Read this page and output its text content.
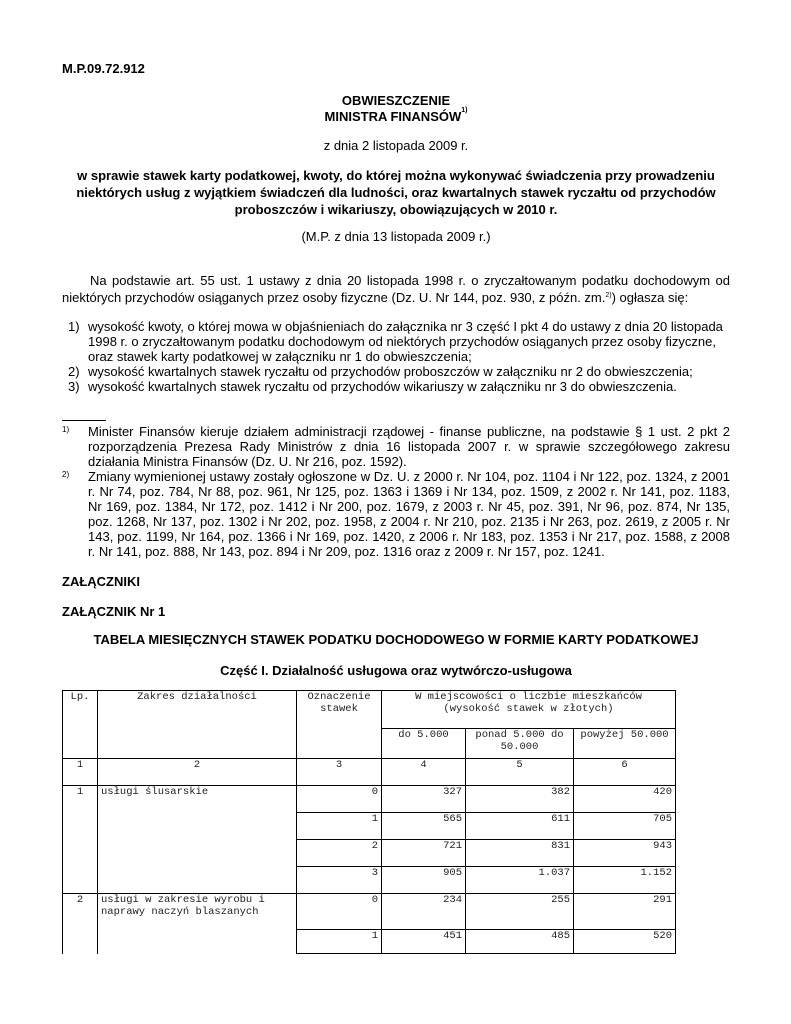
M.P.09.72.912
OBWIESZCZENIE
MINISTRA FINANSÓW$^{1)}$
z dnia 2 listopada 2009 r.
w sprawie stawek karty podatkowej, kwoty, do której można wykonywać świadczenia przy prowadzeniu niektórych usług z wyjątkiem świadczeń dla ludności, oraz kwartalnych stawek ryczałtu od przychodów proboszczów i wikariuszy, obowiązujących w 2010 r.
(M.P. z dnia 13 listopada 2009 r.)
Na podstawie art. 55 ust. 1 ustawy z dnia 20 listopada 1998 r. o zryczałtowanym podatku dochodowym od niektórych przychodów osiąganych przez osoby fizyczne (Dz. U. Nr 144, poz. 930, z późn. zm.$^{2)}$) ogłasza się:
1) wysokość kwoty, o której mowa w objaśnieniach do załącznika nr 3 część I pkt 4 do ustawy z dnia 20 listopada 1998 r. o zryczałtowanym podatku dochodowym od niektórych przychodów osiąganych przez osoby fizyczne, oraz stawek karty podatkowej w załączniku nr 1 do obwieszczenia;
2) wysokość kwartalnych stawek ryczałtu od przychodów proboszczów w załączniku nr 2 do obwieszczenia;
3) wysokość kwartalnych stawek ryczałtu od przychodów wikariuszy w załączniku nr 3 do obwieszczenia.
1) Minister Finansów kieruje działem administracji rządowej - finanse publiczne, na podstawie § 1 ust. 2 pkt 2 rozporządzenia Prezesa Rady Ministrów z dnia 16 listopada 2007 r. w sprawie szczegółowego zakresu działania Ministra Finansów (Dz. U. Nr 216, poz. 1592).
2) Zmiany wymienionej ustawy zostały ogłoszone w Dz. U. z 2000 r. Nr 104, poz. 1104 i Nr 122, poz. 1324, z 2001 r. Nr 74, poz. 784, Nr 88, poz. 961, Nr 125, poz. 1363 i 1369 i Nr 134, poz. 1509, z 2002 r. Nr 141, poz. 1183, Nr 169, poz. 1384, Nr 172, poz. 1412 i Nr 200, poz. 1679, z 2003 r. Nr 45, poz. 391, Nr 96, poz. 874, Nr 135, poz. 1268, Nr 137, poz. 1302 i Nr 202, poz. 1958, z 2004 r. Nr 210, poz. 2135 i Nr 263, poz. 2619, z 2005 r. Nr 143, poz. 1199, Nr 164, poz. 1366 i Nr 169, poz. 1420, z 2006 r. Nr 183, poz. 1353 i Nr 217, poz. 1588, z 2008 r. Nr 141, poz. 888, Nr 143, poz. 894 i Nr 209, poz. 1316 oraz z 2009 r. Nr 157, poz. 1241.
ZAŁĄCZNIKI
ZAŁĄCZNIK Nr 1
TABELA MIESIĘCZNYCH STAWEK PODATKU DOCHODOWEGO W FORMIE KARTY PODATKOWEJ
Część I. Działalność usługowa oraz wytwórczo-usługowa
Lp.	Zakres działalności	Oznaczenie stawek	W miejscowości o liczbie mieszkańców (wysokość stawek w złotych)		
			do 5.000	ponad 5.000 do 50.000	powyżej 50.000
1	2	3	4	5	6
1	usługi ślusarskie	0	327	382	420
		1	565	611	705
		2	721	831	943
		3	905	1.037	1.152
2	usługi w zakresie wyrobu i naprawy naczyń blaszanych	0	234	255	291
		1	451	485	520
